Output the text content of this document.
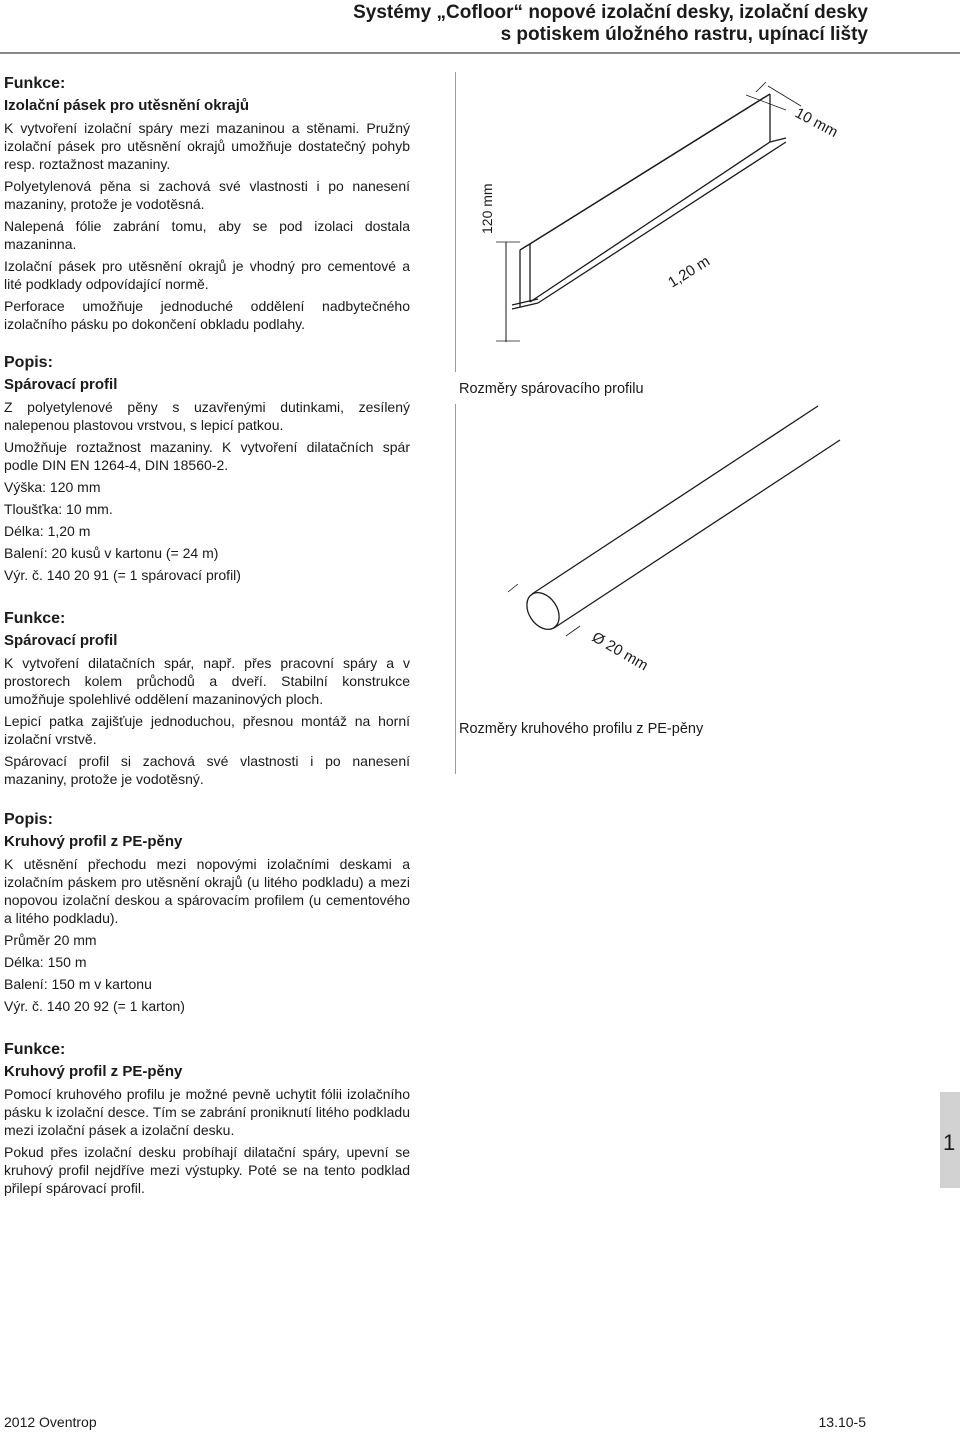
Systémy „Cofloor“ nopové izolační desky, izolační desky
s potiskem úložného rastru, upínací lišty
Funkce:
Izolační pásek pro utěsnění okrajů

K vytvoření izolační spáry mezi mazaninou a stěnami. Pružný izolační pásek pro utěsnění okrajů umožňuje dostatečný pohyb resp. roztažnost mazaniny.

Polyetylenová pěna si zachová své vlastnosti i po nanesení mazaniny, protože je vodotěsná.

Nalepená fólie zabrání tomu, aby se pod izolaci dostala mazaninna.

Izolační pásek pro utěsnění okrajů je vhodný pro cementové a lité podklady odpovídající normě.

Perforace umožňuje jednoduché oddělení nadbytečného izolačního pásku po dokončení obkladu podlahy.

Popis:
Spárovací profil

Z polyetylenové pěny s uzavřenými dutinkami, zesílený nalepenou plastovou vrstvou, s lepicí patkou.

Umožňuje roztažnost mazaniny. K vytvoření dilatačních spár podle DIN EN 1264-4, DIN 18560-2.

Výška: 120 mm

Tloušťka: 10 mm.

Délka: 1,20 m

Balení: 20 kusů v kartonu (= 24 m)

Výr. č. 140 20 91 (= 1 spárovací profil)

Funkce:
Spárovací profil

K vytvoření dilatačních spár, např. přes pracovní spáry a v prostorech kolem průchodů a dveří. Stabilní konstrukce umožňuje spolehlivé oddělení mazaninových ploch.

Lepicí patka zajišťuje jednoduchou, přesnou montáž na horní izolační vrstvě.

Spárovací profil si zachová své vlastnosti i po nanesení mazaniny, protože je vodotěsný.

Popis:
Kruhový profil z PE-pěny

K utěsnění přechodu mezi nopovými izolačními deskami a izolačním páskem pro utěsnění okrajů (u litého podkladu) a mezi nopovou izolační deskou a spárovacím profilem (u cementového a litého podkladu).

Průměr 20 mm

Délka: 150 m

Balení: 150 m v kartonu

Výr. č. 140 20 92 (= 1 karton)

Funkce:
Kruhový profil z PE-pěny

Pomocí kruhového profilu je možné pevně uchytit fólii izolačního pásku k izolační desce. Tím se zabrání proniknutí litého podkladu mezi izolační pásek a izolační desku.

Pokud přes izolační desku probíhají dilatační spáry, upevní se kruhový profil nejdříve mezi výstupky. Poté se na tento podklad přilepí spárovací profil.

120 mm
10 mm
1,20 m
Rozměry spárovacího profilu
Ø 20 mm
Rozměry kruhového profilu z PE-pěny
1
2012 Oventrop	13.10-5
